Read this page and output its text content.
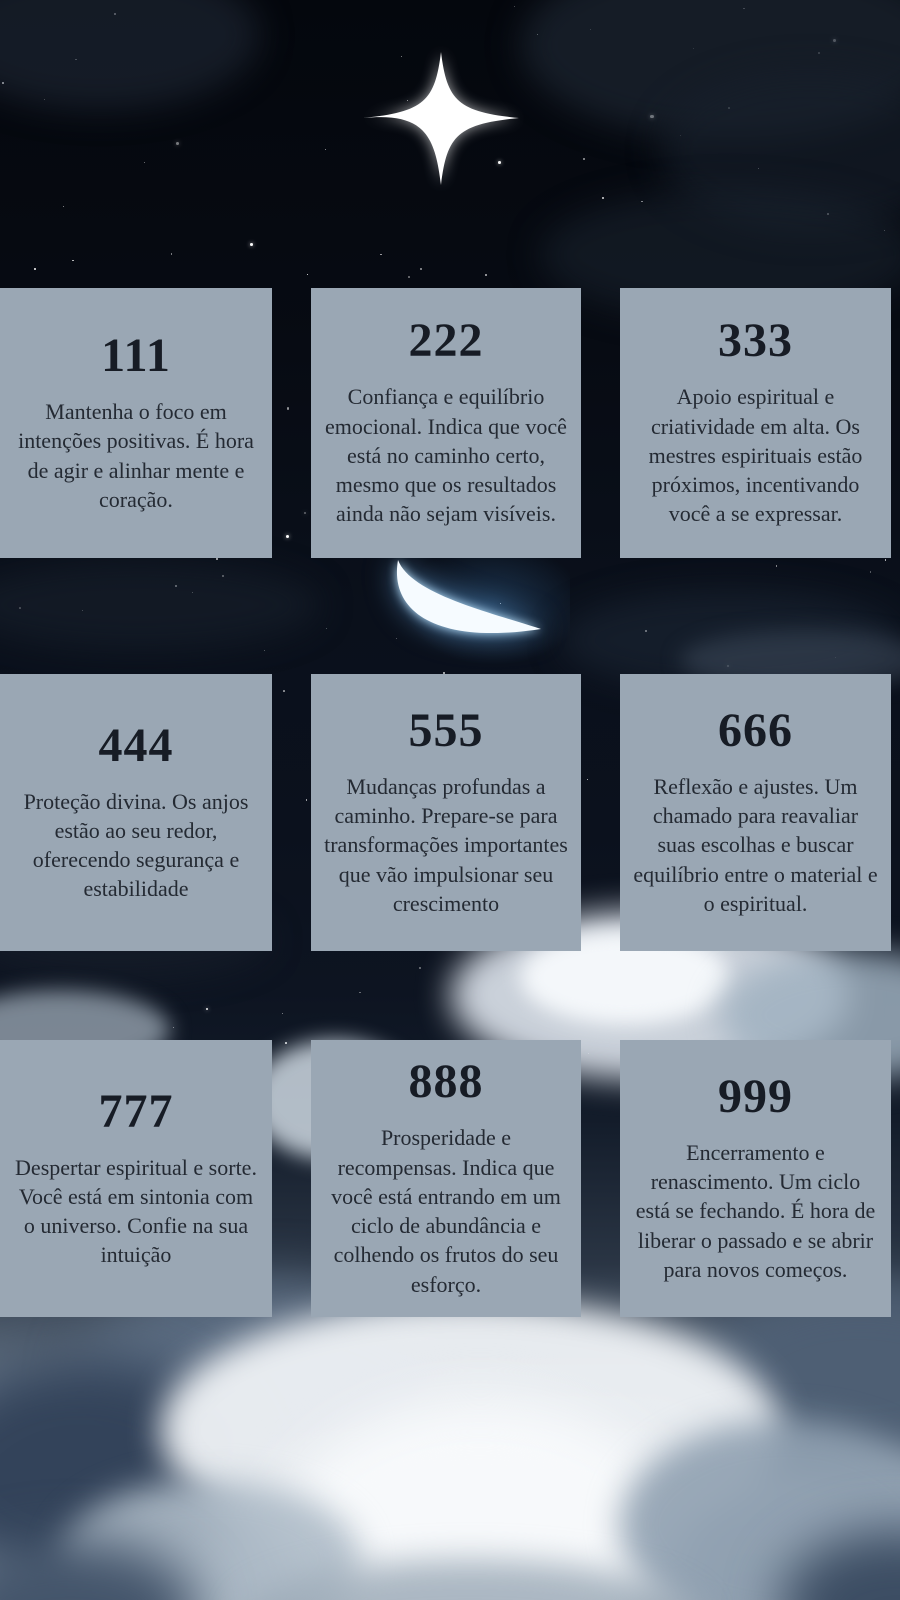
111
Mantenha o foco em intenções positivas. É hora de agir e alinhar mente e coração.
222
Confiança e equilíbrio emocional. Indica que você está no caminho certo, mesmo que os resultados ainda não sejam visíveis.
333
Apoio espiritual e criatividade em alta. Os mestres espirituais estão próximos, incentivando você a se expressar.
444
Proteção divina. Os anjos estão ao seu redor, oferecendo segurança e estabilidade
555
Mudanças profundas a caminho. Prepare-se para transformações importantes que vão impulsionar seu crescimento
666
Reflexão e ajustes. Um chamado para reavaliar suas escolhas e buscar equilíbrio entre o material e o espiritual.
777
Despertar espiritual e sorte. Você está em sintonia com o universo. Confie na sua intuição
888
Prosperidade e recompensas. Indica que você está entrando em um ciclo de abundância e colhendo os frutos do seu esforço.
999
Encerramento e renascimento. Um ciclo está se fechando. É hora de liberar o passado e se abrir para novos começos.
